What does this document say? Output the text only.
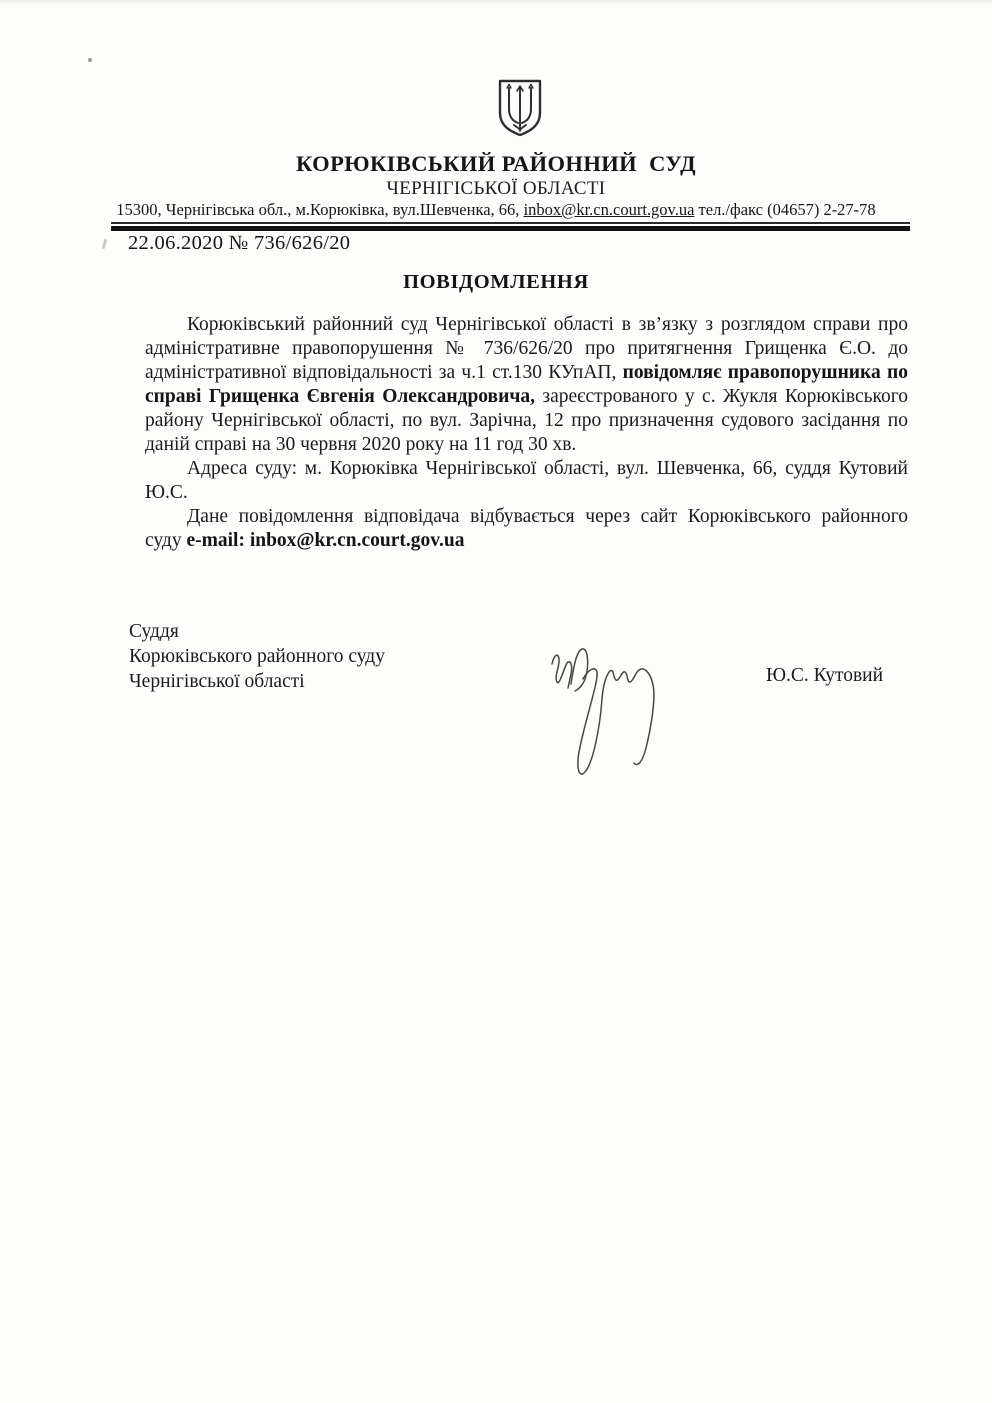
КОРЮКІВСЬКИЙ РАЙОННИЙ  СУД
ЧЕРНІГІСЬКОЇ ОБЛАСТІ
15300, Чернігівська обл., м.Корюківка, вул.Шевченка, 66, inbox@kr.cn.court.gov.ua тел./факс (04657) 2-27-78
22.06.2020 № 736/626/20
ПОВІДОМЛЕННЯ

Корюківський районний суд Чернігівської області в зв’язку з розглядом справи про адміністративне правопорушення № 736/626/20 про притягнення Грищенка Є.О. до адміністративної відповідальності за ч.1 ст.130 КУпАП, повідомляє правопорушника по справі Грищенка Євгенія Олександровича, зареєстрованого у с. Жукля Корюківського району Чернігівської області, по вул. Зарічна, 12 про призначення судового засідання по даній справі на 30 червня 2020 року на 11 год 30 хв.

Адреса суду: м. Корюківка Чернігівської області, вул. Шевченка, 66, суддя Кутовий Ю.С.

Дане повідомлення відповідача відбувається через сайт Корюківського районного суду e-mail: inbox@kr.cn.court.gov.ua

Суддя
Корюківського районного суду
Чернігівської області	Ю.С. Кутовий
